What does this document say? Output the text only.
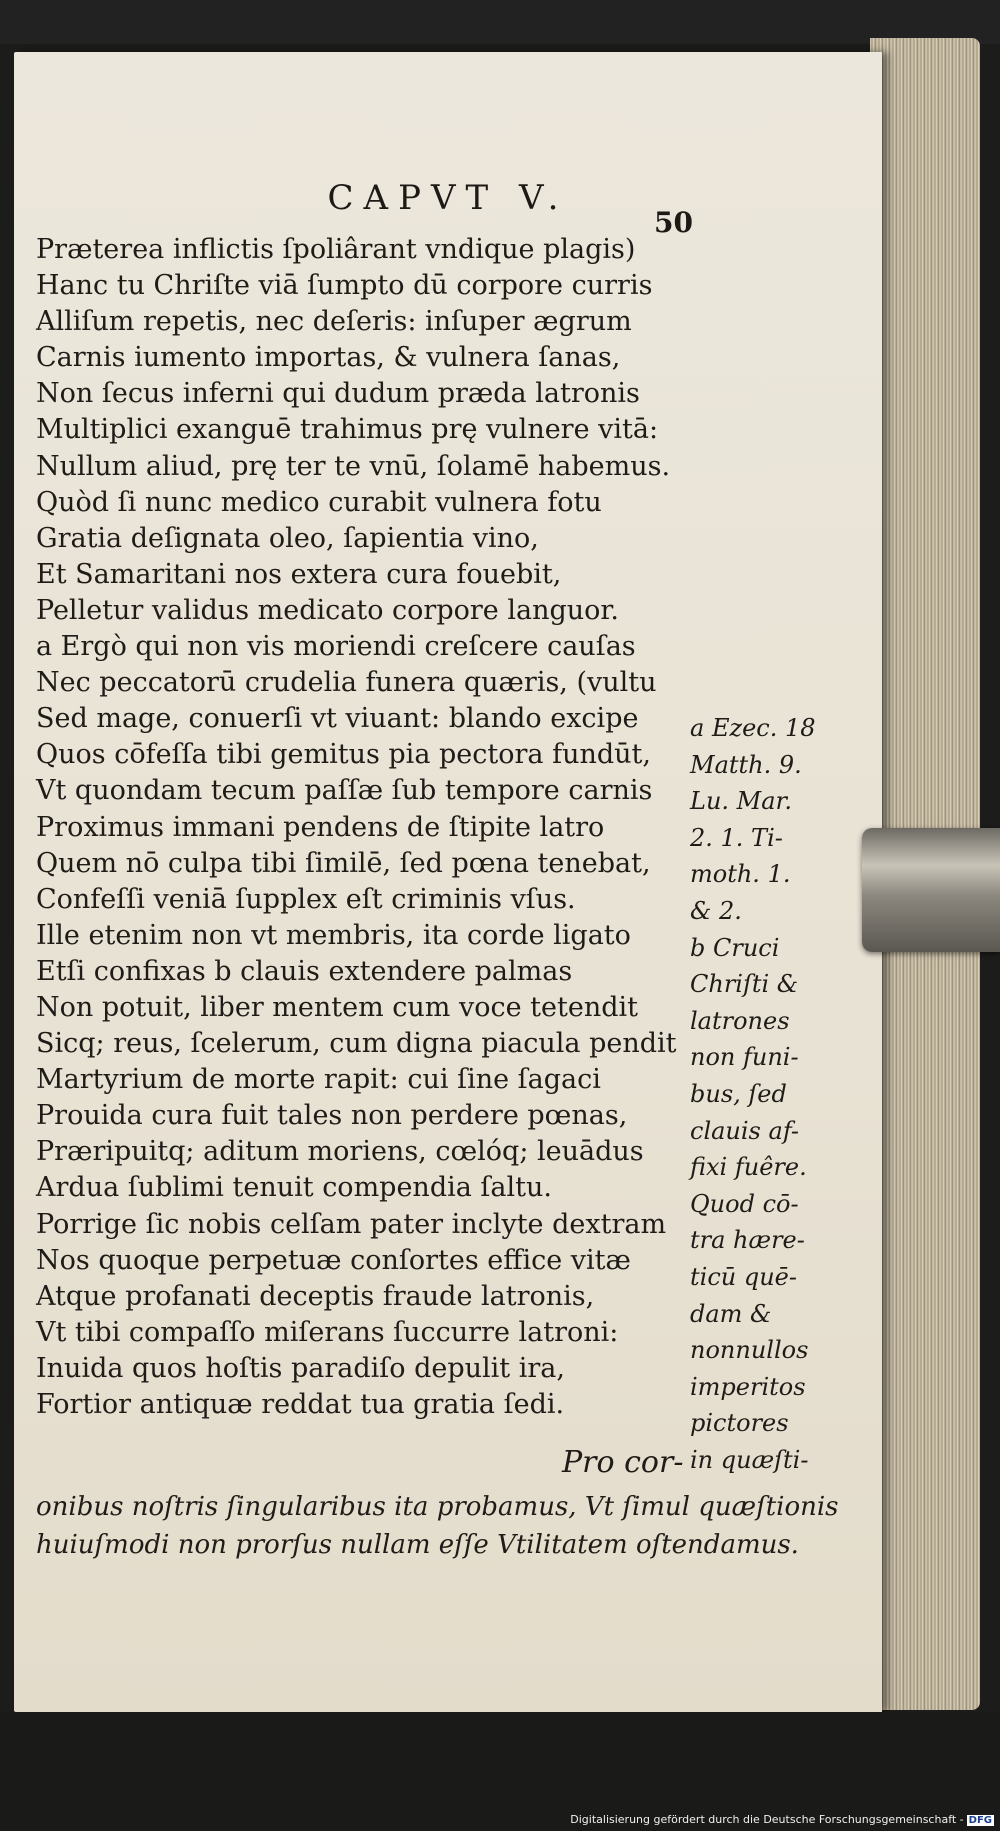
CAPVT V.
50
Præterea inflictis ſpoliârant vndique plagis)
Hanc tu Chriſte viā ſumpto dū corpore curris
Alliſum repetis, nec deſeris: inſuper ægrum
Carnis iumento importas, & vulnera ſanas,
Non ſecus inferni qui dudum præda latronis
Multiplici exanguē trahimus prę vulnere vitā:
Nullum aliud, prę ter te vnū, ſolamē habemus.
Quòd ſi nunc medico curabit vulnera fotu
Gratia deſignata oleo, ſapientia vino,
Et Samaritani nos extera cura fouebit,
Pelletur validus medicato corpore languor.
a Ergò qui non vis moriendi creſcere cauſas
Nec peccatorū crudelia funera quæris, (vultu
Sed mage, conuerſi vt viuant: blando excipe
Quos cōfeſſa tibi gemitus pia pectora fundūt,
Vt quondam tecum paſſæ ſub tempore carnis
Proximus immani pendens de ſtipite latro
Quem nō culpa tibi ſimilē, ſed pœna tenebat,
Confeſſi veniā ſupplex eſt criminis vſus.
Ille etenim non vt membris, ita corde ligato
Etſi confixas b clauis extendere palmas
Non potuit, liber mentem cum voce tetendit
Sicq; reus, ſcelerum, cum digna piacula pendit
Martyrium de morte rapit: cui ſine ſagaci
Prouida cura fuit tales non perdere pœnas,
Præripuitq; aditum moriens, cœlóq; leuādus
Ardua ſublimi tenuit compendia ſaltu.
Porrige ſic nobis celſam pater inclyte dextram
Nos quoque perpetuæ conſortes effice vitæ
Atque profanati deceptis fraude latronis,
Vt tibi compaſſo miſerans ſuccurre latroni:
Inuida quos hoſtis paradiſo depulit ira,
Fortior antiquæ reddat tua gratia ſedi.
a Ezec. 18
Matth. 9.
Lu. Mar.
2. 1. Ti-
moth. 1.
& 2.
b Cruci
Chriſti &
latrones
non funi-
bus, ſed
clauis af-
fixi fuêre.
Quod cō-
tra hære-
ticū quē-
dam &
nonnullos
imperitos
pictores
in quæſti-
Pro cor-
onibus noſtris ſingularibus ita probamus, Vt ſimul quæſtionis
huiuſmodi non prorſus nullam eſſe Vtilitatem oſtendamus.
Digitalisierung gefördert durch die Deutsche Forschungsgemeinschaft - DFG
